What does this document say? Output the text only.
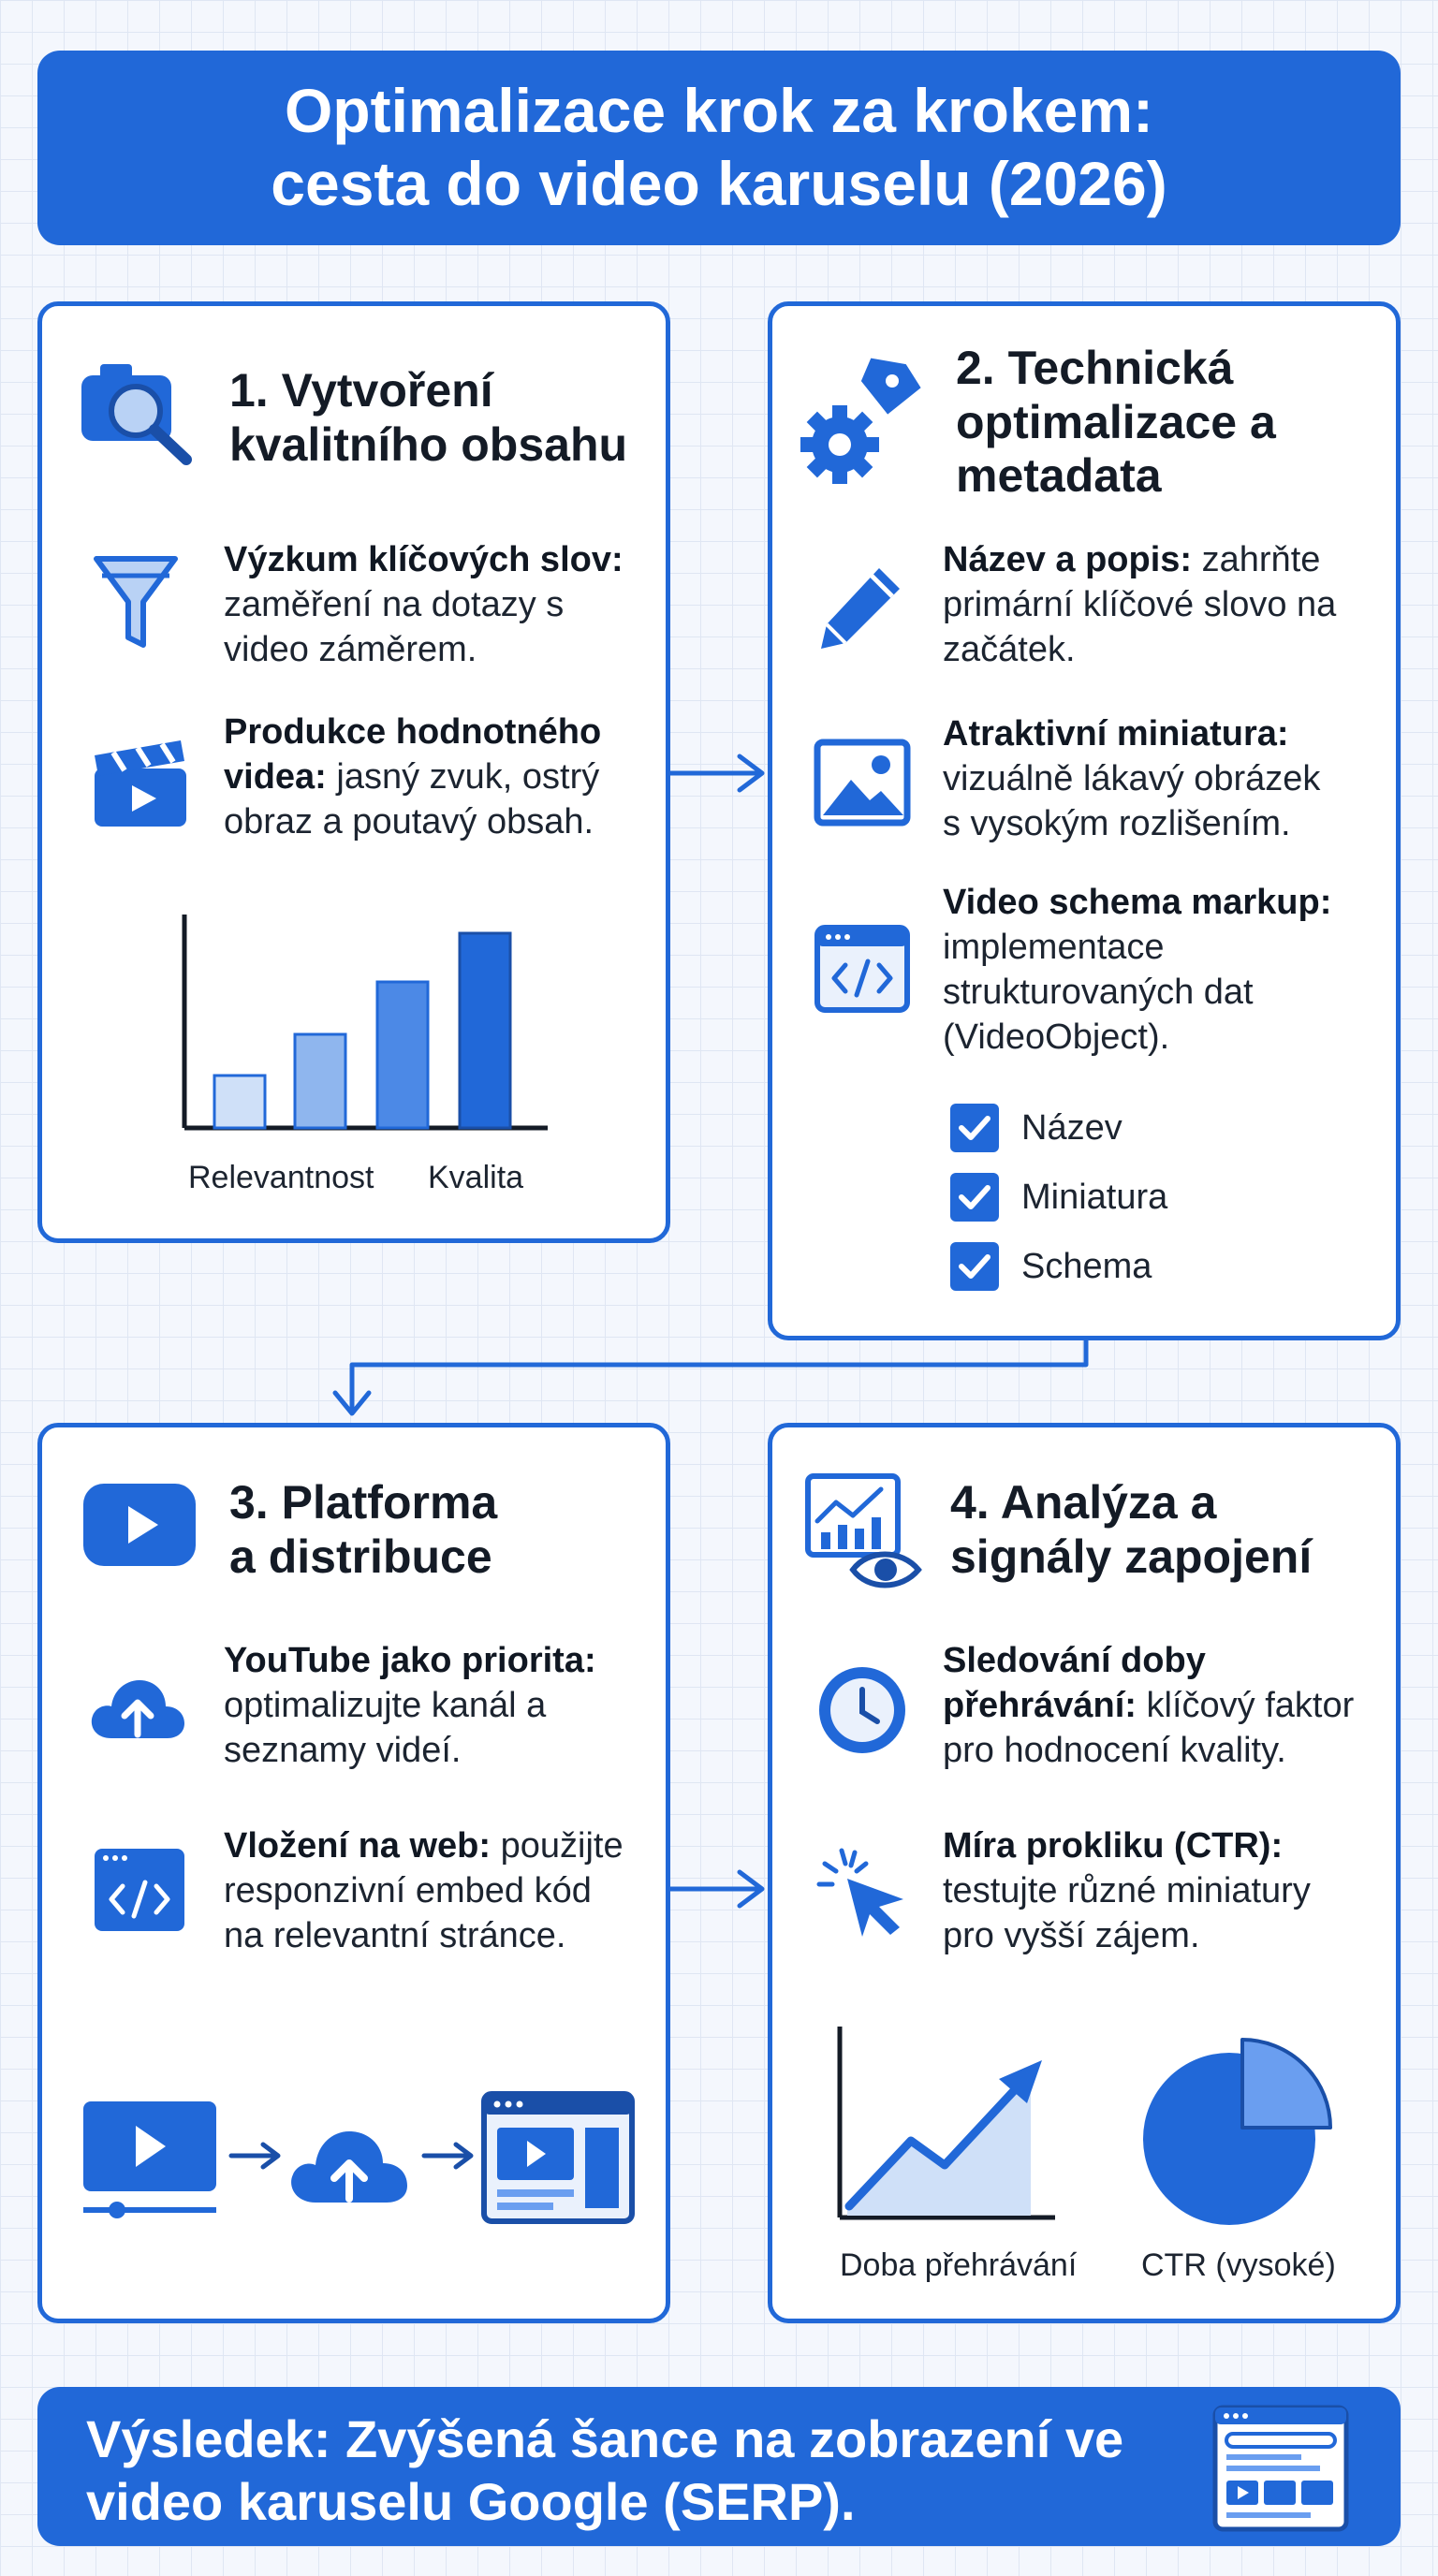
Optimalizace krok za krokem:
cesta do video karuselu (2026)
1. Vytvoření
kvalitního obsahu
Výzkum klíčových slov:
zaměření na dotazy s
video záměrem.
Produkce hodnotného
videa: jasný zvuk, ostrý
obraz a poutavý obsah.
Relevantnost Kvalita
2. Technická
optimalizace a
metadata
Název a popis: zahrňte
primární klíčové slovo na
začátek.
Atraktivní miniatura:
vizuálně lákavý obrázek
s vysokým rozlišením.
Video schema markup:
implementace
strukturovaných dat
(VideoObject).
Název
Miniatura
Schema
3. Platforma
a distribuce
YouTube jako priorita:
optimalizujte kanál a
seznamy videí.
Vložení na web: použijte
responzivní embed kód
na relevantní stránce.
4. Analýza a
signály zapojení
Sledování doby
přehrávání: klíčový faktor
pro hodnocení kvality.
Míra prokliku (CTR):
testujte různé miniatury
pro vyšší zájem.
Doba přehrávání CTR (vysoké)
Výsledek: Zvýšená šance na zobrazení ve
video karuselu Google (SERP).
